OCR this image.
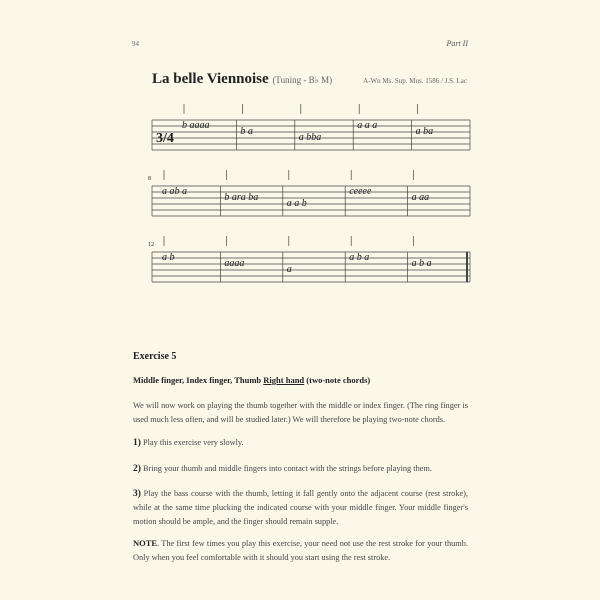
94	Part II
La belle Viennoise (Tuning - B♭ M)	A-Wn Ms. Sup. Mus. 1586 / J.S. Lac
3/4
b aaaa
b a
a bba
a a a
a ba
8
a ab a
b ara ba
a a b
ceeee
a aa
12
a b
aaaa
a
a b a
a b a
Exercise 5
Middle finger, Index finger, Thumb Right hand (two-note chords)
We will now work on playing the thumb together with the middle or index finger. (The ring finger is used much less often, and will be studied later.) We will therefore be playing two-note chords.
1) Play this exercise very slowly.
2) Bring your thumb and middle fingers into contact with the strings before playing them.
3) Play the bass course with the thumb, letting it fall gently onto the adjacent course (rest stroke), while at the same time plucking the indicated course with your middle finger. Your middle finger's motion should be ample, and the finger should remain supple.
NOTE. The first few times you play this exercise, your need not use the rest stroke for your thumb. Only when you feel comfortable with it should you start using the rest stroke.
